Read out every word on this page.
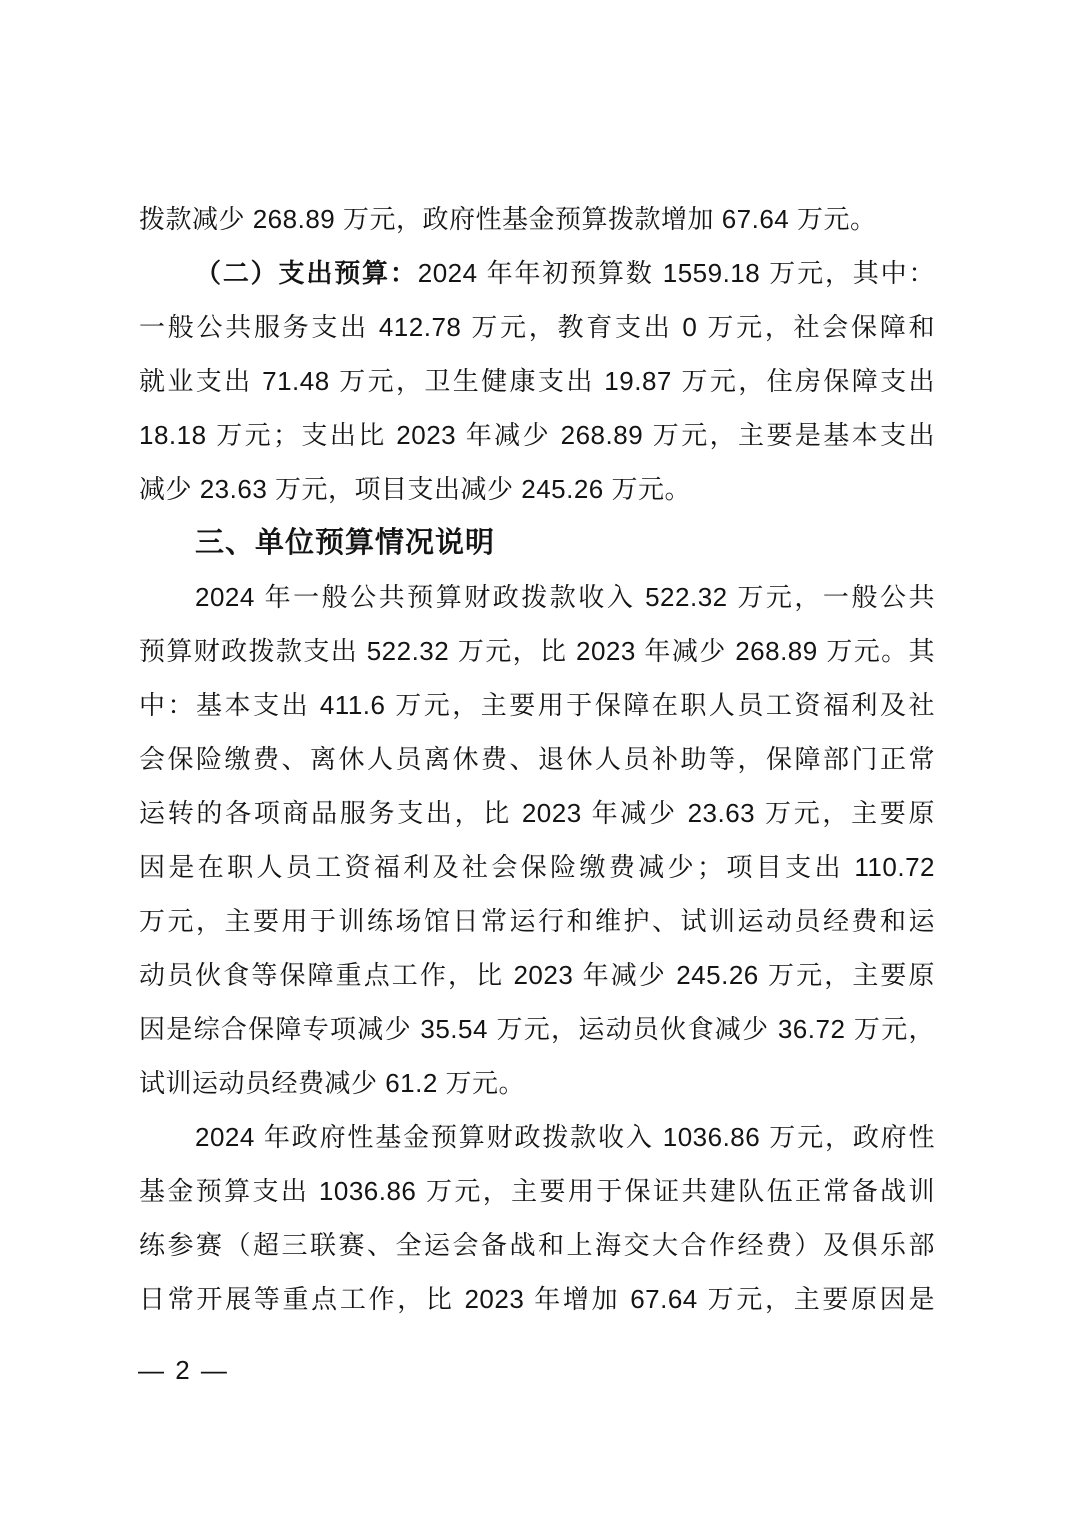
拨款减少 268.89 万元，政府性基金预算拨款增加 67.64 万元。
（二）支出预算：2024 年年初预算数 1559.18 万元，其中：
一般公共服务支出 412.78 万元，教育支出 0 万元，社会保障和
就业支出 71.48 万元，卫生健康支出 19.87 万元，住房保障支出
18.18 万元；支出比 2023 年减少 268.89 万元，主要是基本支出
减少 23.63 万元，项目支出减少 245.26 万元。
三、单位预算情况说明
2024 年一般公共预算财政拨款收入 522.32 万元，一般公共
预算财政拨款支出 522.32 万元，比 2023 年减少 268.89 万元。其
中：基本支出 411.6 万元，主要用于保障在职人员工资福利及社
会保险缴费、离休人员离休费、退休人员补助等，保障部门正常
运转的各项商品服务支出，比 2023 年减少 23.63 万元，主要原
因是在职人员工资福利及社会保险缴费减少；项目支出 110.72
万元，主要用于训练场馆日常运行和维护、试训运动员经费和运
动员伙食等保障重点工作，比 2023 年减少 245.26 万元，主要原
因是综合保障专项减少 35.54 万元，运动员伙食减少 36.72 万元，
试训运动员经费减少 61.2 万元。
2024 年政府性基金预算财政拨款收入 1036.86 万元，政府性
基金预算支出 1036.86 万元，主要用于保证共建队伍正常备战训
练参赛（超三联赛、全运会备战和上海交大合作经费）及俱乐部
日常开展等重点工作，比 2023 年增加 67.64 万元，主要原因是
— 2 —
